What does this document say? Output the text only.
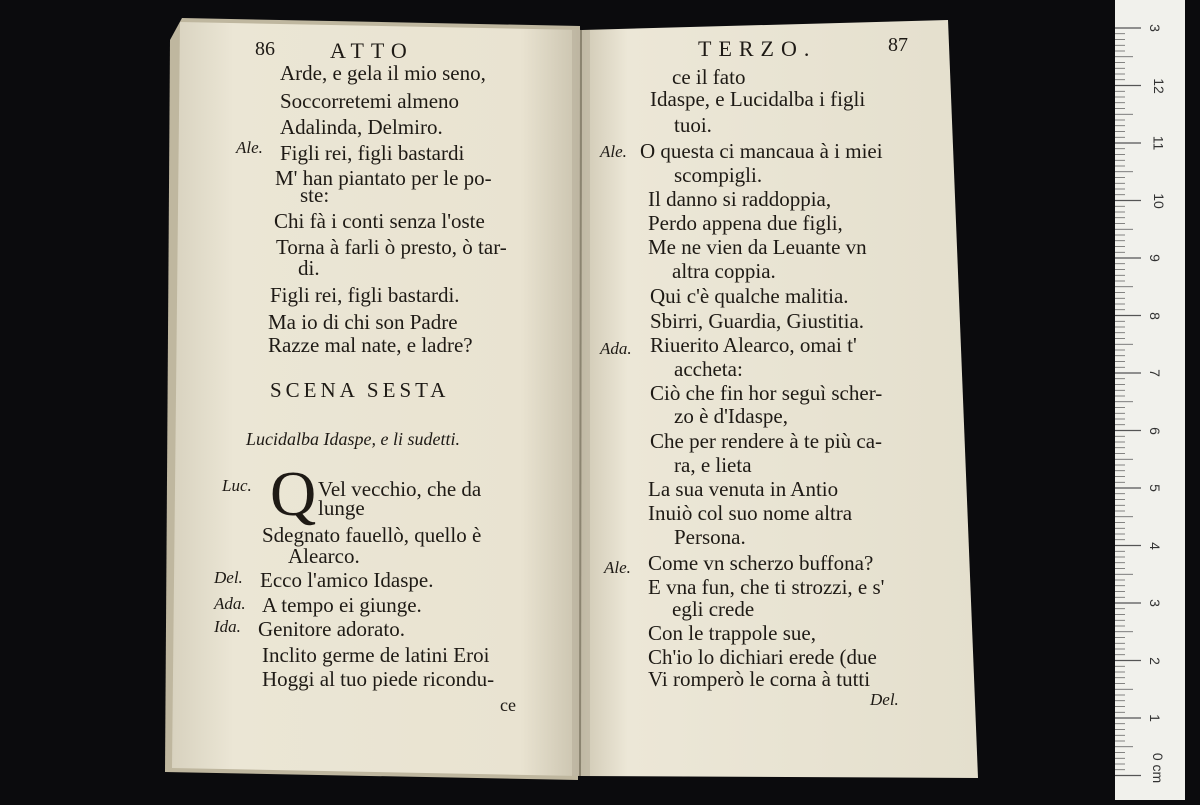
86	ATTO
Arde, e gela il mio seno,
Soccorretemi almeno
Adalinda, Delmiro.
Ale. Figli rei, figli bastardi
M' han piantato per le po-
ste:
Chi fà i conti senza l'oste
Torna à farli ò presto, ò tar-
di.
Figli rei, figli bastardi.
Ma io di chi son Padre
Razze mal nate, e ladre?
SCENA SESTA
Lucidalba Idaspe, e li sudetti.
Luc. Q Vel vecchio, che da
lunge
Sdegnato fauellò, quello è
Alearco.
Del. Ecco l'amico Idaspe.
Ada. A tempo ei giunge.
Ida. Genitore adorato.
Inclito germe de latini Eroi
Hoggi al tuo piede ricondu-
ce
TERZO.	87
ce il fato
Idaspe, e Lucidalba i figli
tuoi.
Ale. O questa ci mancaua à i miei
scompigli.
Il danno si raddoppia,
Perdo appena due figli,
Me ne vien da Leuante vn
altra coppia.
Qui c'è qualche malitia.
Sbirri, Guardia, Giustitia.
Ada. Riuerito Alearco, omai t'
accheta:
Ciò che fin hor seguì scher-
zo è d'Idaspe,
Che per rendere à te più ca-
ra, e lieta
La sua venuta in Antio
Inuiò col suo nome altra
Persona.
Ale. Come vn scherzo buffona?
E vna fun, che ti strozzi, e s'
egli crede
Con le trappole sue,
Ch'io lo dichiari erede (due
Vi romperò le corna à tutti
Del.
3
12
11
10
9
8
7
6
5
4
3
2
1
0 cm
